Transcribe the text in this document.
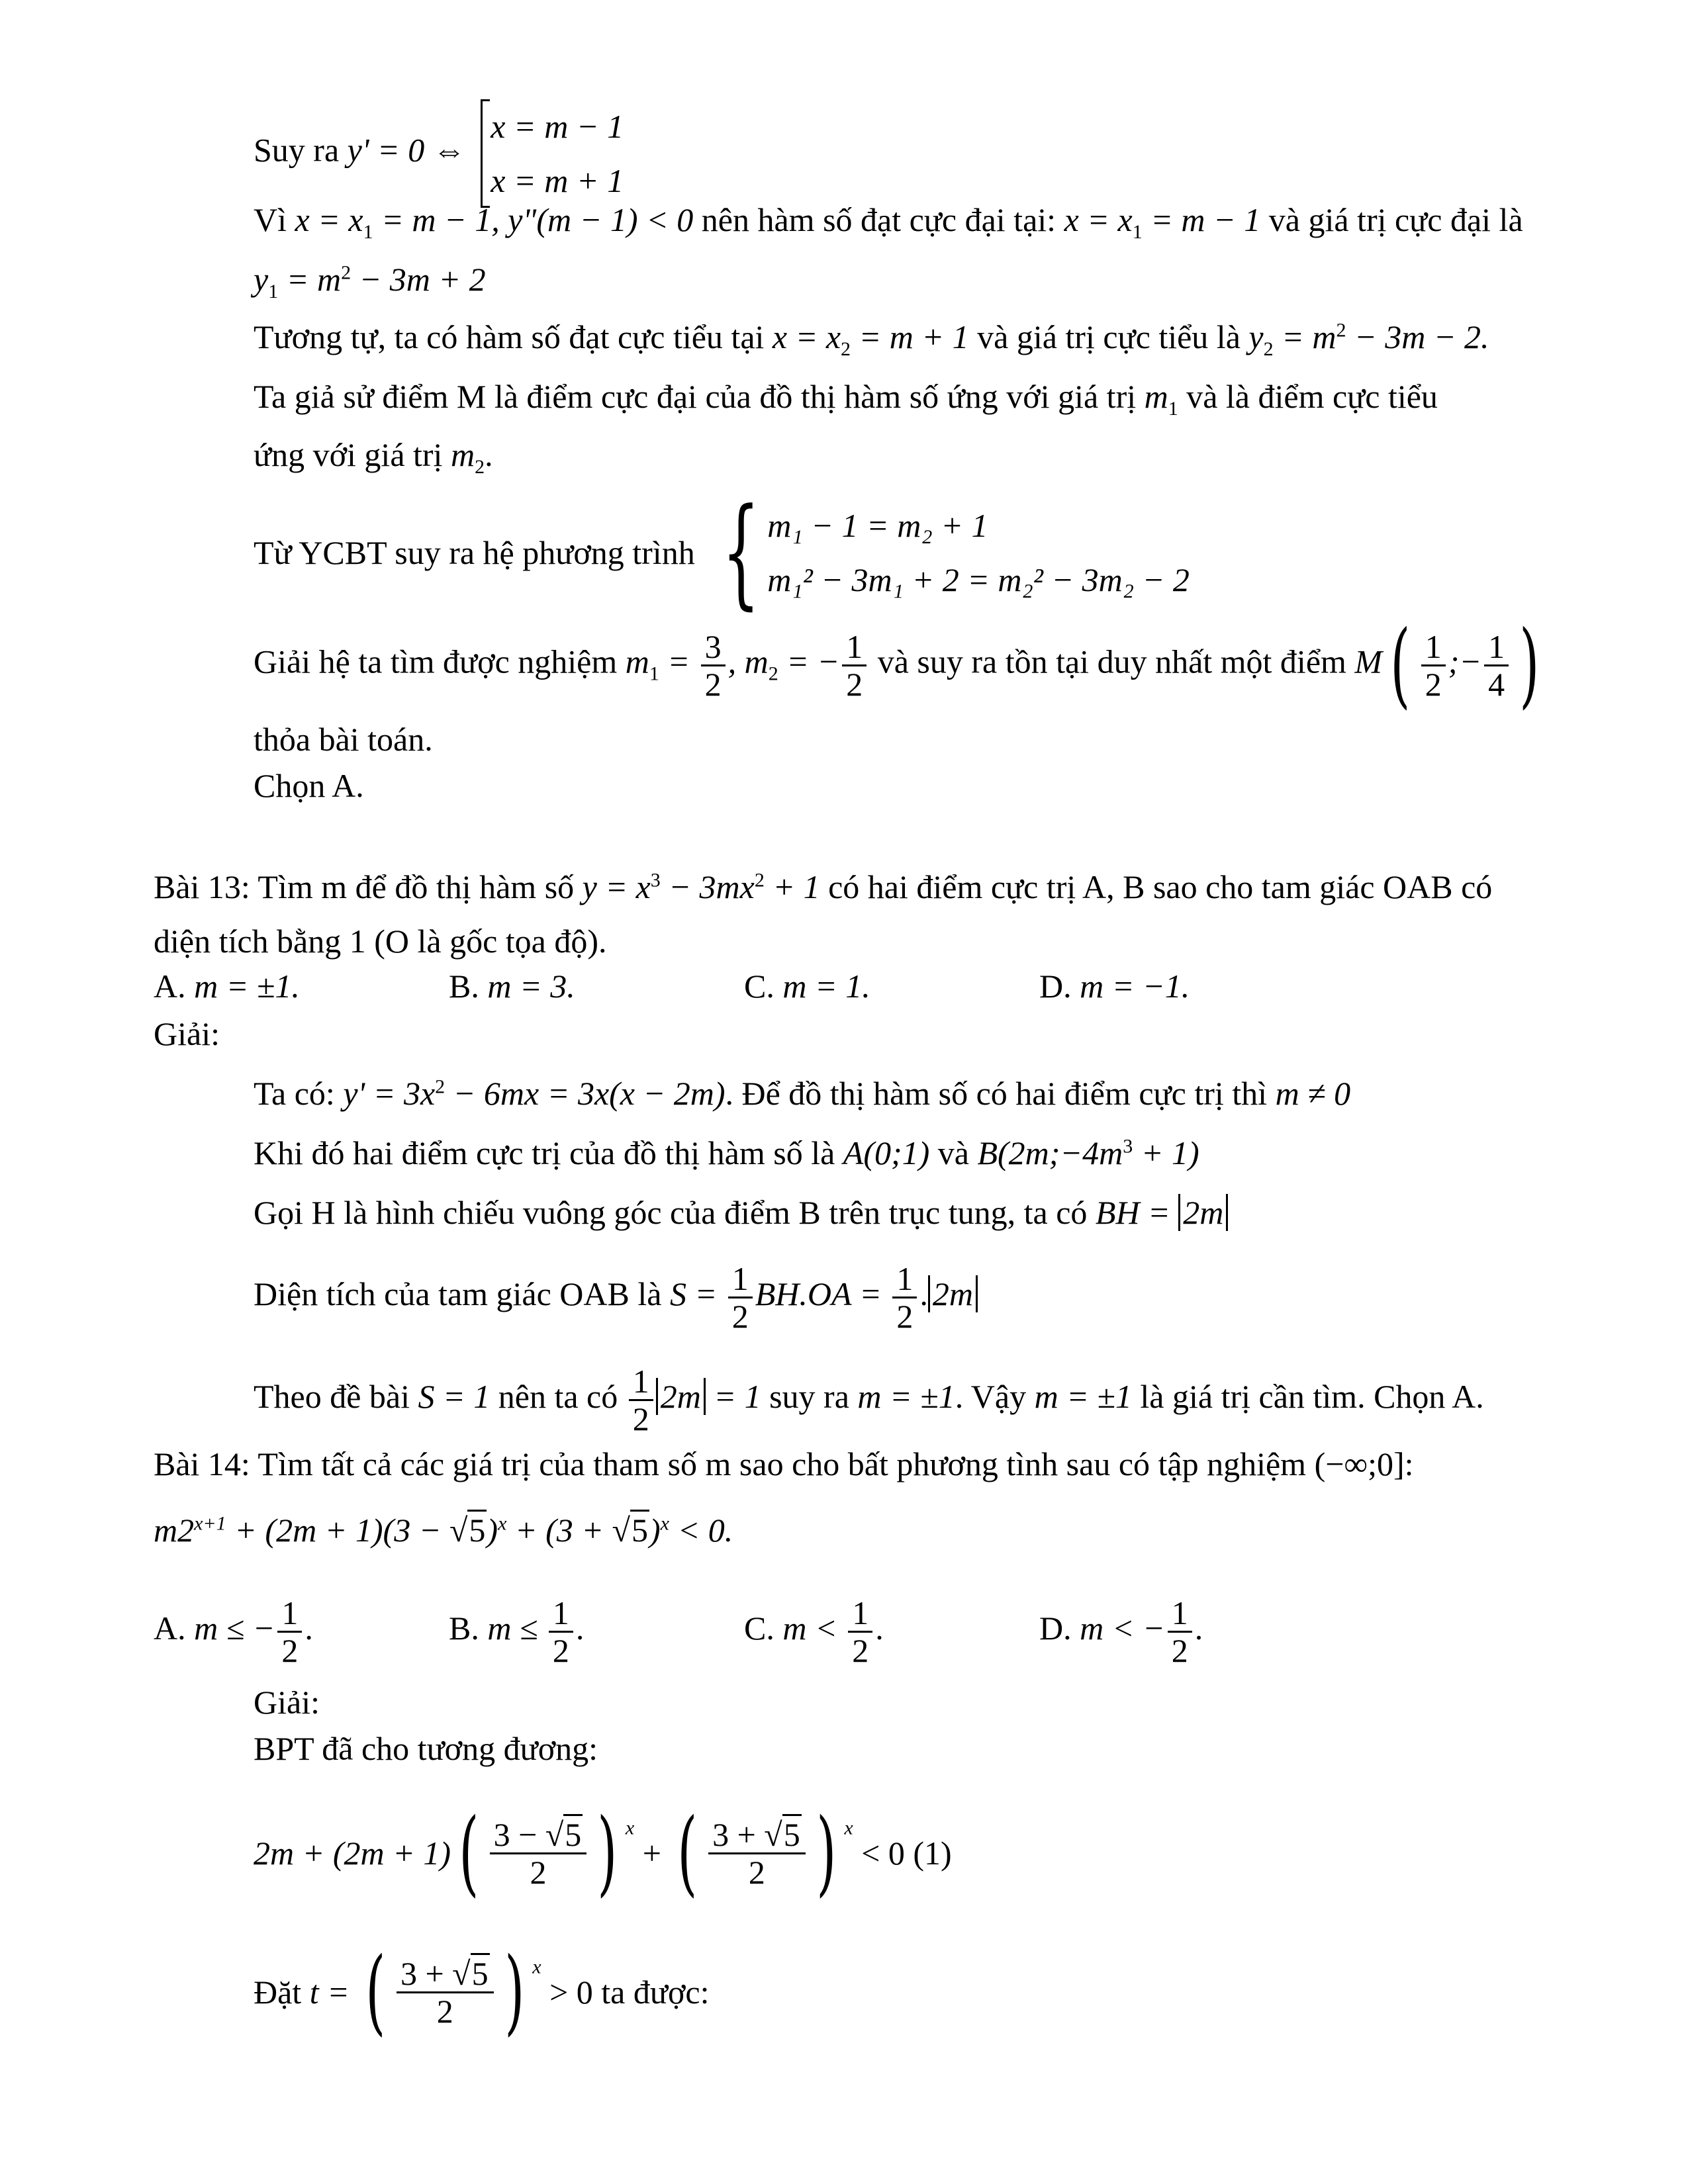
Suy ra y' = 0 ⇔
x = m − 1
x = m + 1
Vì $x = x_1 = m - 1$, y"(m − 1) < 0 nên hàm số đạt cực đại tại: $x = x_1 = m - 1$ và giá trị cực đại là
$y_1 = m^2 - 3m + 2$
Tương tự, ta có hàm số đạt cực tiểu tại $x = x_2 = m + 1$ và giá trị cực tiểu là $y_2 = m^2 - 3m - 2$.
Ta giả sử điểm M là điểm cực đại của đồ thị hàm số ứng với giá trị $m_1$ và là điểm cực tiểu
ứng với giá trị $m_2$.
Từ YCBT suy ra hệ phương trình { m₁ − 1 = m₂ + 1
m₁² − 3m₁ + 2 = m₂² − 3m₂ − 2
Giải hệ ta tìm được nghiệm $m_1 = \frac{3}{2}$ , $m_2$ = − $\frac{1}{2}$ và suy ra tồn tại duy nhất một điểm $M( \frac{1}{2}$ ;− $\frac{1}{4}$ )
thỏa bài toán.
Chọn A.
Bài 13: Tìm m để đồ thị hàm số $y = x^3 - 3mx^2 + 1$ có hai điểm cực trị A, B sao cho tam giác OAB có
diện tích bằng 1 (O là gốc tọa độ).
A. m = ±1.	B. m = 3.	C. m = 1.	D. m = −1.
Giải:
Ta có: $y' = 3x^2 - 6mx = 3x(x - 2m)$. Để đồ thị hàm số có hai điểm cực trị thì m ≠ 0
Khi đó hai điểm cực trị của đồ thị hàm số là A(0;1) và $B(2m;-4m^3 + 1)$
Gọi H là hình chiếu vuông góc của điểm B trên trục tung, ta có BH = 2m
Diện tích của tam giác OAB là $S = \frac{1}{2} BH.OA = \frac{1}{2}$ . 2m
Theo đề bài S = 1 nên ta có $\frac{1}{2} 2m = 1$ suy ra m = ±1. Vậy m = ±1 là giá trị cần tìm. Chọn A.
Bài 14: Tìm tất cả các giá trị của tham số m sao cho bất phương tình sau có tập nghiệm (−∞;0]:
$m2^{x+1} + (2m + 1)(3 - √5)^x + (3 + √5)^x < 0$.
A. m ≤ − $\frac{1}{2}$ .	B. $m \le \frac{1}{2}$ .	C. $m < \frac{1}{2}$ .	D. m < − $\frac{1}{2}$ .
Giải:
BPT đã cho tương đương:
$2m + (2m + 1)( \frac{3 - √5}{2}$ ) $^x$ + ( $\frac{3 + √5}{2}$ ) $^x$ < 0 (1)
Đặt t = ( $\frac{3 + √5}{2}$ ) $^x$ > 0 ta được:
